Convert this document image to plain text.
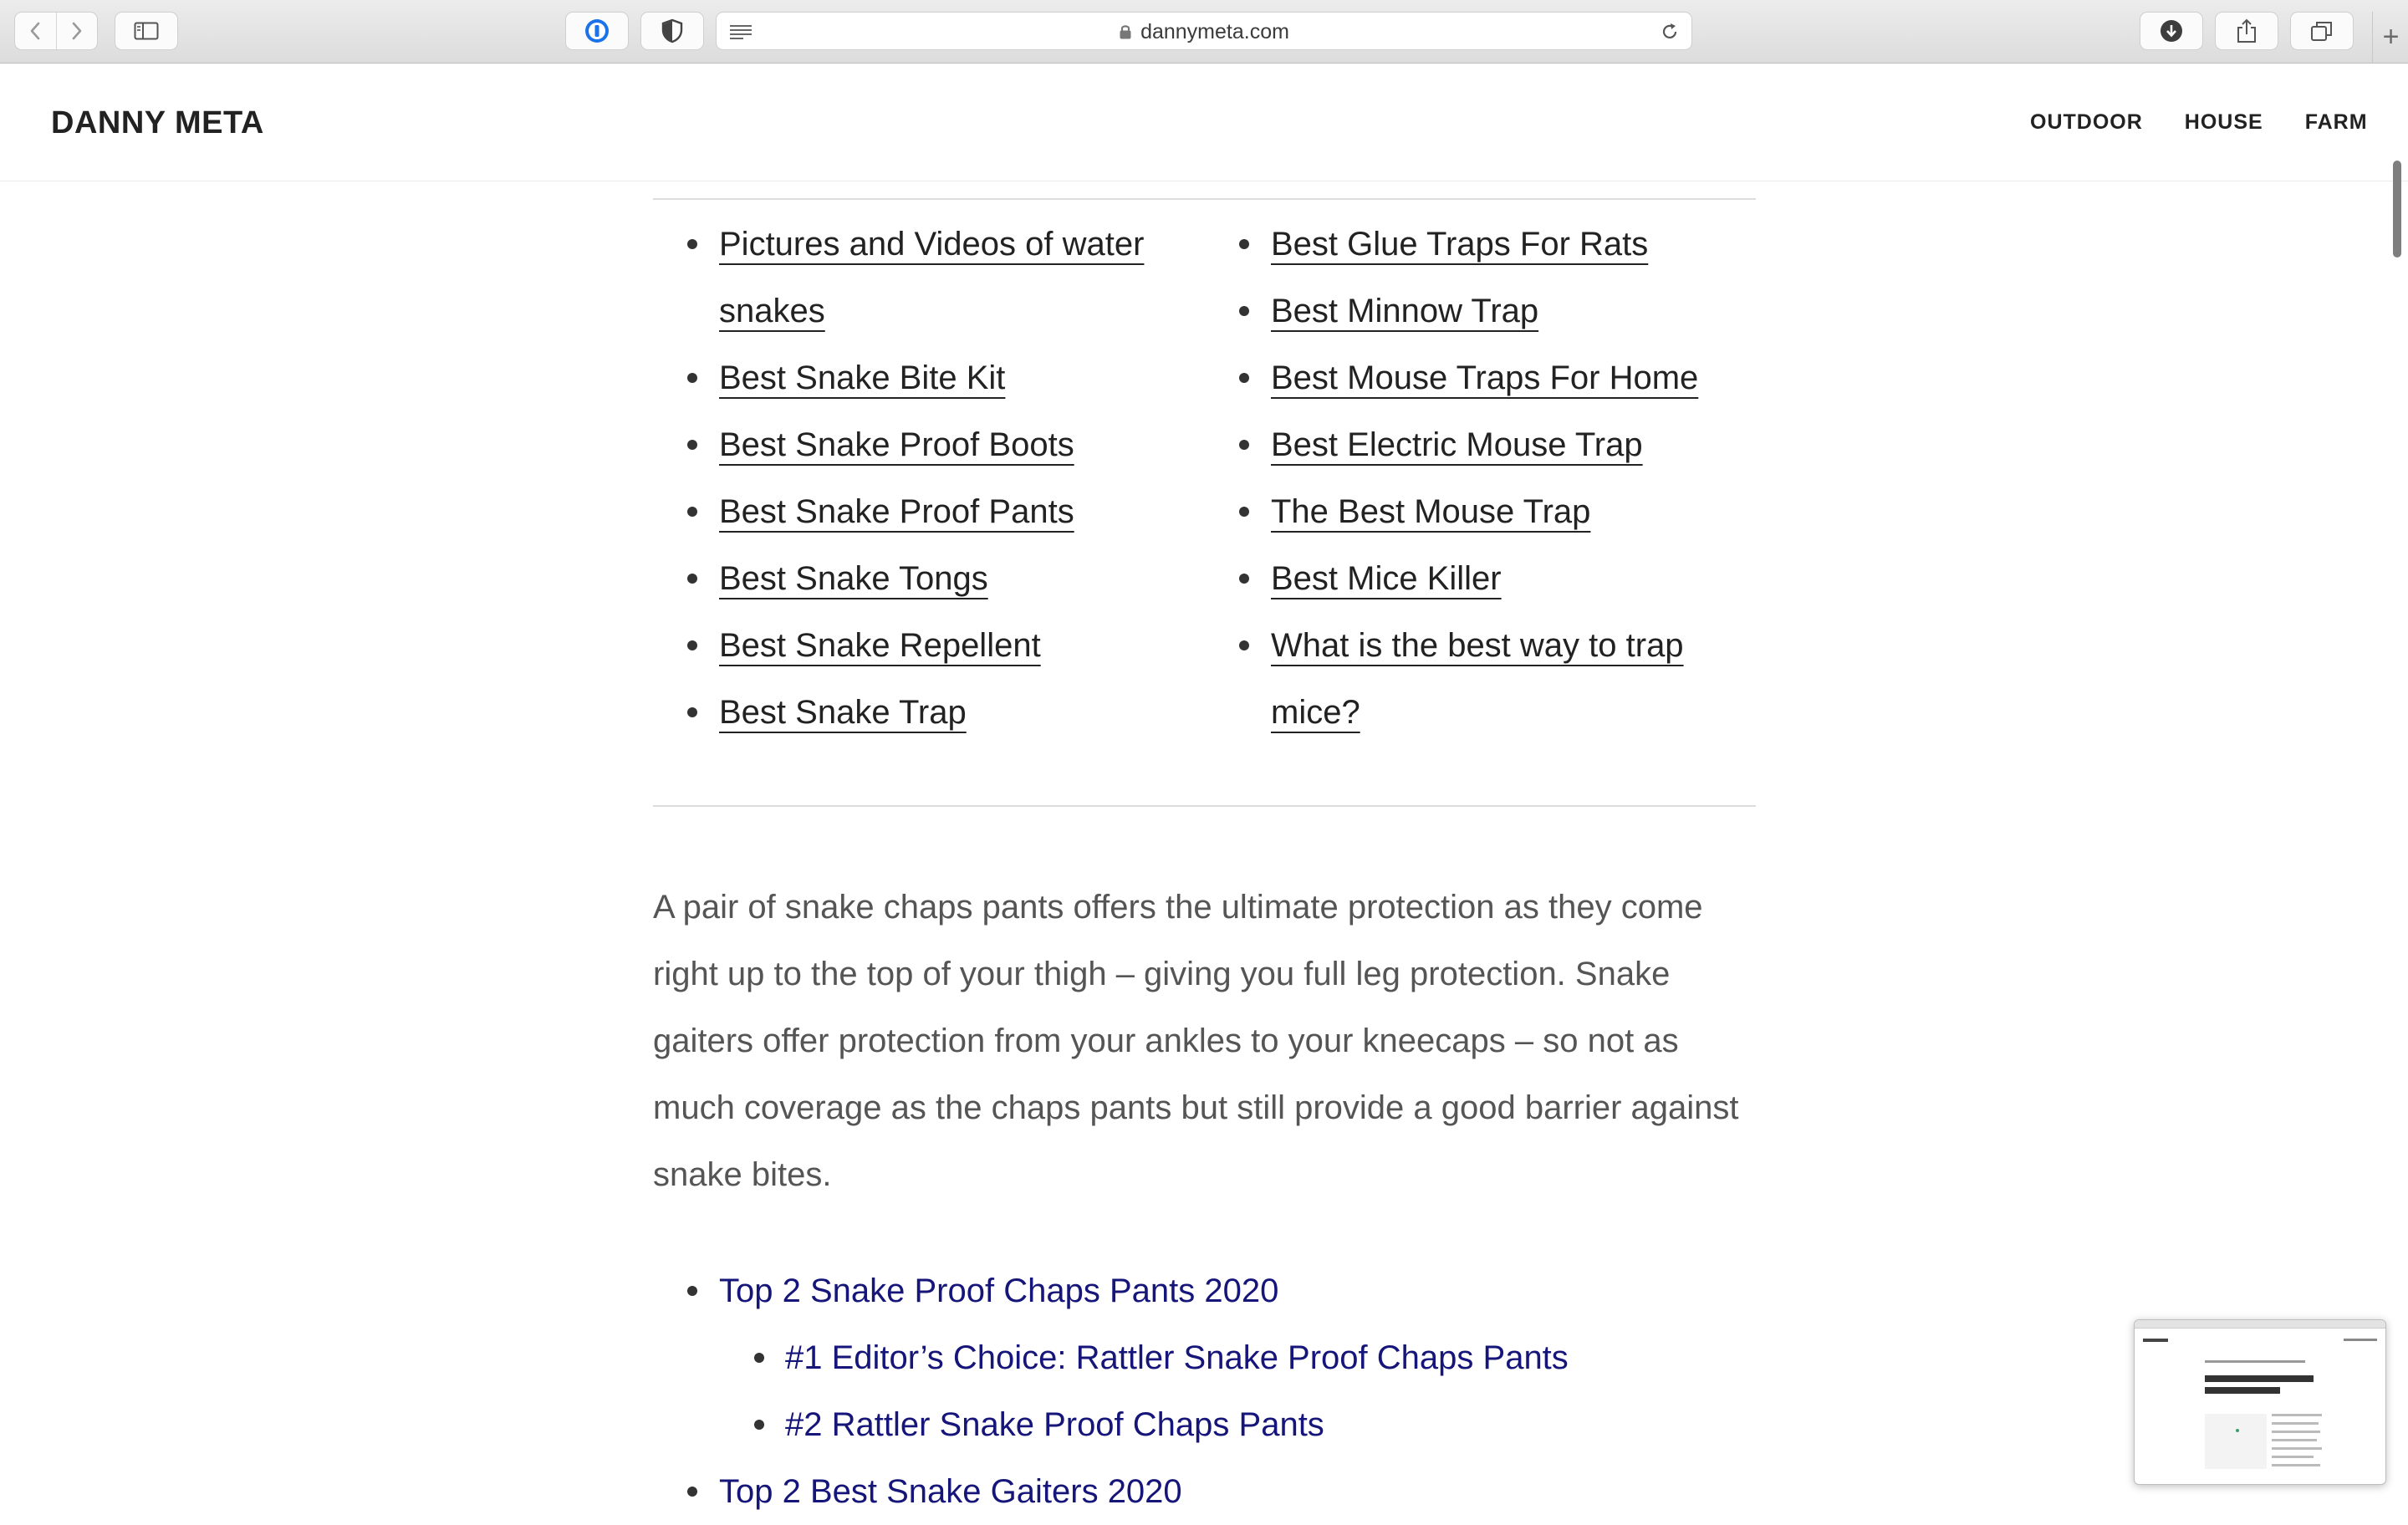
dannymeta.com	+
DANNY META	OUTDOOR HOUSE FARM
Pictures and Videos of water snakes
Best Snake Bite Kit
Best Snake Proof Boots
Best Snake Proof Pants
Best Snake Tongs
Best Snake Repellent
Best Snake Trap
Best Glue Traps For Rats
Best Minnow Trap
Best Mouse Traps For Home
Best Electric Mouse Trap
The Best Mouse Trap
Best Mice Killer
What is the best way to trap mice?

A pair of snake chaps pants offers the ultimate protection as they come right up to the top of your thigh – giving you full leg protection. Snake gaiters offer protection from your ankles to your kneecaps – so not as much coverage as the chaps pants but still provide a good barrier against snake bites.

Top 2 Snake Proof Chaps Pants 2020
#1 Editor’s Choice: Rattler Snake Proof Chaps Pants
#2 Rattler Snake Proof Chaps Pants
Top 2 Best Snake Gaiters 2020
